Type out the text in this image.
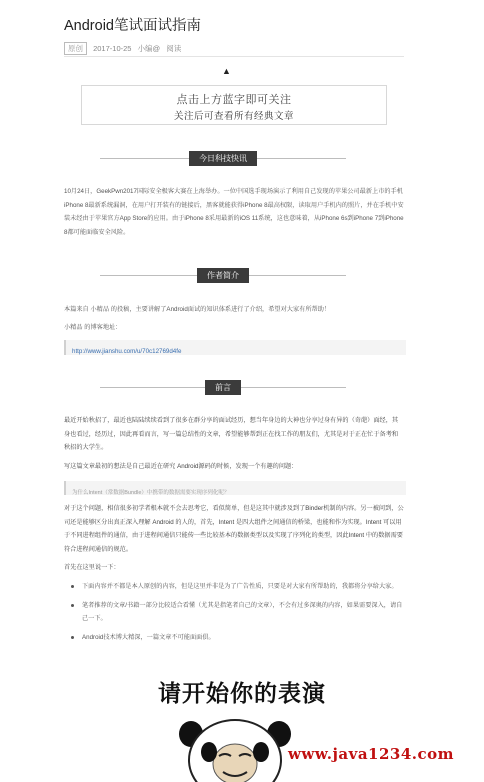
Android笔试面试指南
原创 2017-10-25 小编@ 阅读
▲
点击上方蓝字即可关注
关注后可查看所有经典文章
今日科技快讯
10月24日，GeekPwn2017国际安全极客大赛在上海举办。一位中国选手现场演示了利用自己发现的苹果公司最新上市的手机iPhone 8最新系统漏洞，在用户打开装有的链接后，黑客就能获得iPhone 8最高权限，读取用户手机内的照片，并在手机中安装未经由于苹果官方App Store的应用。由于iPhone 8采用最新的iOS 11系统，这也意味着，从iPhone 6s到iPhone 7到iPhone 8都可能面临安全风险。
作者简介
本篇来自 小精品 的投稿，主要讲解了Android面试的知识体系进行了介绍，希望对大家有所帮助！
小精品 的博客地址：
http://www.jianshu.com/u/70c12769d4fe
前言
最近开始秋招了，最近也陆陆续续看到了很多在群分享的面试经历，想当年身边的大神也分享过身有异的（奇葩）面经，其身也看过，经历过，因此再看而言，写一篇总结性的文章，希望能够帮到正在找工作的朋友们，尤其是对于正在忙于备考和秋招的大学生。
写这篇文章最初的想法是自己最近在研究 Android源码的时候，发现一个有趣的问题：
为什么Intent（常数据Bundle）中携带的数据需要实现序列化呢？
对于这个问题，相信很多初学者根本就不会去思考它，看似简单，但是这其中就涉及到了Binder机制的内容。另一被问到，公司还是能够区分出真正深入理解 Android 的人的，首先，Intent 是四大组件之间通信的桥梁，也能和作为实现。Intent 可以用于不同进程组件的通信，由于进程间通信只能传一些比较基本的数据类型以及实现了序列化的类型，因此Intent 中的数据需要符合进程间通信的规范。
首先在这里说一下：
下面内容并不都是本人原创的内容，但是这里并非是为了广告性质，只要是对大家有所帮助的，我都将分享给大家。
笔者推荐的文章/书籍一部分比较适合看懂（尤其是指笔者自己的文章），不会有过多深奥的内容，如果需要深入，请自己一下。
Android技术博大精深，一篇文章不可能面面俱。
请开始你的表演
www.java1234.com
